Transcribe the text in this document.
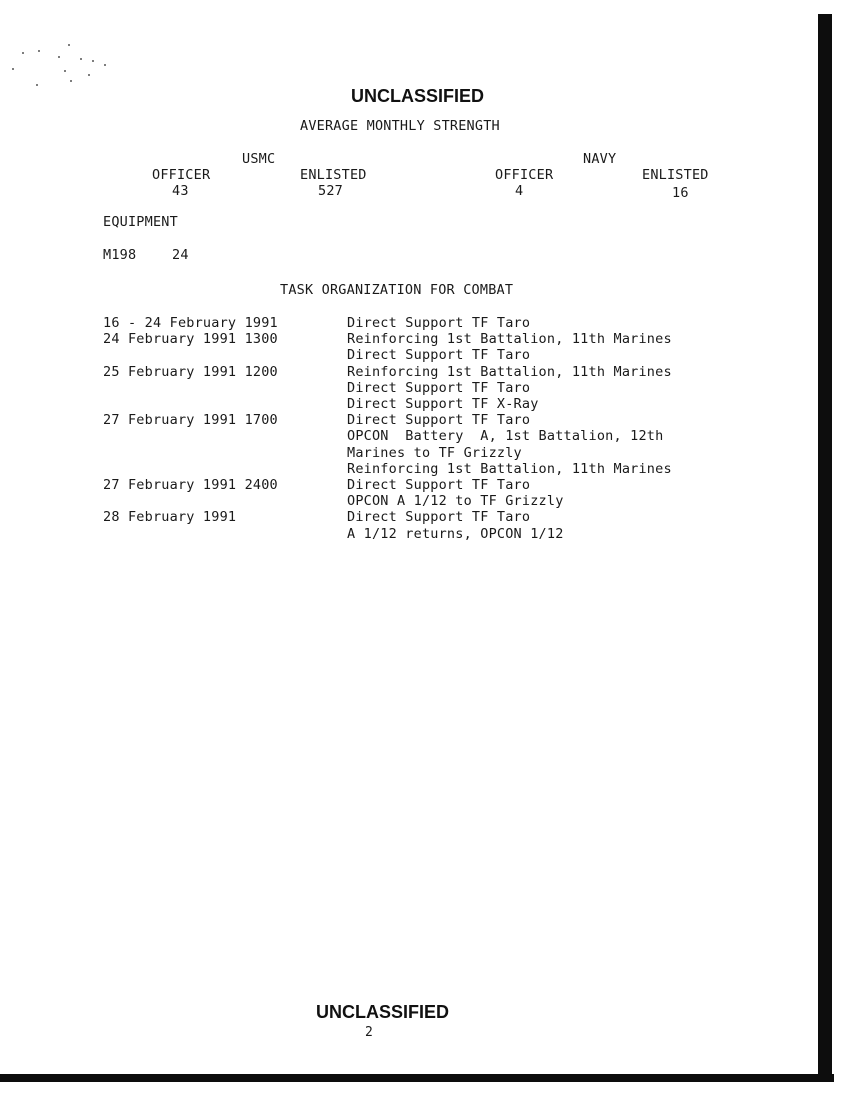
UNCLASSIFIED
AVERAGE MONTHLY STRENGTH
USMC	NAVY
OFFICER	ENLISTED	OFFICER	ENLISTED
43	527	4	16
EQUIPMENT
M198	24
TASK ORGANIZATION FOR COMBAT
16 - 24 February 1991	Direct Support TF Taro
24 February 1991 1300	Reinforcing 1st Battalion, 11th Marines
Direct Support TF Taro
25 February 1991 1200	Reinforcing 1st Battalion, 11th Marines
Direct Support TF Taro
Direct Support TF X-Ray
27 February 1991 1700	Direct Support TF Taro
OPCON  Battery  A, 1st Battalion, 12th
Marines to TF Grizzly
Reinforcing 1st Battalion, 11th Marines
27 February 1991 2400	Direct Support TF Taro
OPCON A 1/12 to TF Grizzly
28 February 1991	Direct Support TF Taro
A 1/12 returns, OPCON 1/12
UNCLASSIFIED
2
